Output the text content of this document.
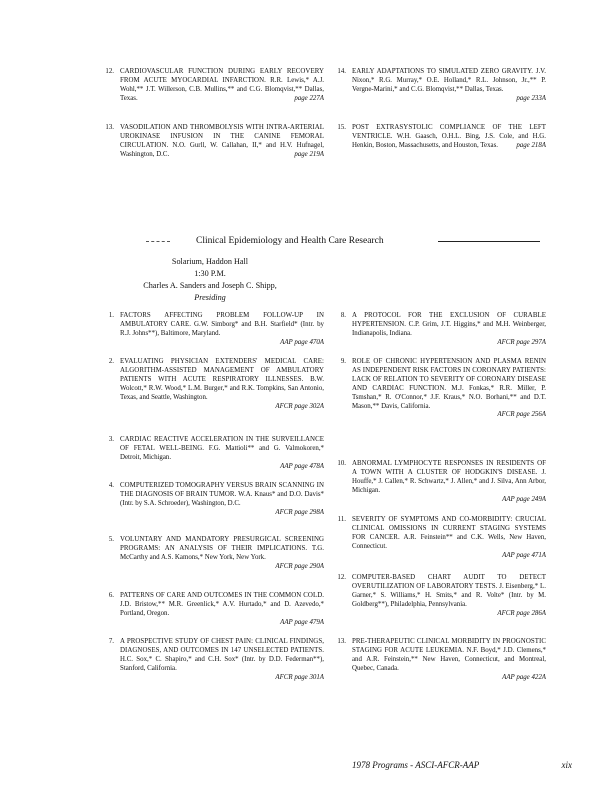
12. CARDIOVASCULAR FUNCTION DURING EARLY RECOVERY FROM ACUTE MYOCARDIAL INFARCTION. R.R. Lewis,* A.J. Wohl,** J.T. Willerson, C.B. Mullins,** and C.G. Blomqvist,** Dallas, Texas.	page 227A
13. VASODILATION AND THROMBOLYSIS WITH INTRA-ARTERIAL UROKINASE INFUSION IN THE CANINE FEMORAL CIRCULATION. N.O. Gurll, W. Callahan, II,* and H.V. Hufnagel, Washington, D.C.	page 219A
14. EARLY ADAPTATIONS TO SIMULATED ZERO GRAVITY. J.V. Nixon,* R.G. Murray,* O.E. Holland,* R.L. Johnson, Jr.,** P. Vergne-Marini,* and C.G. Blomqvist,** Dallas, Texas.
page 233A
15. POST EXTRASYSTOLIC COMPLIANCE OF THE LEFT VENTRICLE. W.H. Gaasch, O.H.L. Bing, J.S. Cole, and H.G. Henkin, Boston, Massachusetts, and Houston, Texas.	page 218A
Clinical Epidemiology and Health Care Research
Solarium, Haddon Hall
1:30 P.M.
Charles A. Sanders and Joseph C. Shipp,
Presiding
1. FACTORS AFFECTING PROBLEM FOLLOW-UP IN AMBULATORY CARE. G.W. Simborg* and B.H. Starfield* (Intr. by R.J. Johns**), Baltimore, Maryland.
AAP page 470A
2. EVALUATING PHYSICIAN EXTENDERS' MEDICAL CARE: ALGORITHM-ASSISTED MANAGEMENT OF AMBULATORY PATIENTS WITH ACUTE RESPIRATORY ILLNESSES. B.W. Wolcott,* R.W. Wood,* L.M. Burger,* and R.K. Tompkins, San Antonio, Texas, and Seattle, Washington.
AFCR page 302A
3. CARDIAC REACTIVE ACCELERATION IN THE SURVEILLANCE OF FETAL WELL-BEING. F.G. Mattioli** and G. Valmokoren,* Detroit, Michigan.
AAP page 478A
4. COMPUTERIZED TOMOGRAPHY VERSUS BRAIN SCANNING IN THE DIAGNOSIS OF BRAIN TUMOR. W.A. Knaus* and D.O. Davis* (Intr. by S.A. Schroeder), Washington, D.C.
AFCR page 298A
5. VOLUNTARY AND MANDATORY PRESURGICAL SCREENING PROGRAMS: AN ANALYSIS OF THEIR IMPLICATIONS. T.G. McCarthy and A.S. Kamons,* New York, New York.
AFCR page 290A
6. PATTERNS OF CARE AND OUTCOMES IN THE COMMON COLD. J.D. Bristow,** M.R. Greenlick,* A.V. Hurtado,* and D. Azevedo,* Portland, Oregon.
AAP page 479A
7. A PROSPECTIVE STUDY OF CHEST PAIN: CLINICAL FINDINGS, DIAGNOSES, AND OUTCOMES IN 147 UNSELECTED PATIENTS. H.C. Sox,* C. Shapiro,* and C.H. Sox* (Intr. by D.D. Federman**), Stanford, California.
AFCR page 301A
8. A PROTOCOL FOR THE EXCLUSION OF CURABLE HYPERTENSION. C.P. Grim, J.T. Higgins,* and M.H. Weinberger, Indianapolis, Indiana.
AFCR page 297A
9. ROLE OF CHRONIC HYPERTENSION AND PLASMA RENIN AS INDEPENDENT RISK FACTORS IN CORONARY PATIENTS: LACK OF RELATION TO SEVERITY OF CORONARY DISEASE AND CARDIAC FUNCTION. M.J. Fonkas,* R.R. Miller, P. Tsmshan,* R. O'Connor,* J.F. Kraus,* N.O. Borhani,** and D.T. Mason,** Davis, California.
AFCR page 256A
10. ABNORMAL LYMPHOCYTE RESPONSES IN RESIDENTS OF A TOWN WITH A CLUSTER OF HODGKIN'S DISEASE. J. Houffe,* J. Callen,* R. Schwartz,* J. Allen,* and J. Silva, Ann Arbor, Michigan.
AAP page 249A
11. SEVERITY OF SYMPTOMS AND CO-MORBIDITY: CRUCIAL CLINICAL OMISSIONS IN CURRENT STAGING SYSTEMS FOR CANCER. A.R. Feinstein** and C.K. Wells, New Haven, Connecticut.
AAP page 471A
12. COMPUTER-BASED CHART AUDIT TO DETECT OVERUTILIZATION OF LABORATORY TESTS. J. Eisenberg,* L. Garner,* S. Williams,* H. Smits,* and R. Volte* (Intr. by M. Goldberg**), Philadelphia, Pennsylvania.
AFCR page 286A
13. PRE-THERAPEUTIC CLINICAL MORBIDITY IN PROGNOSTIC STAGING FOR ACUTE LEUKEMIA. N.F. Boyd,* J.D. Clemens,* and A.R. Feinstein,** New Haven, Connecticut, and Montreal, Quebec, Canada.
AAP page 422A
1978 Programs - ASCI-AFCR-AAP	xix
